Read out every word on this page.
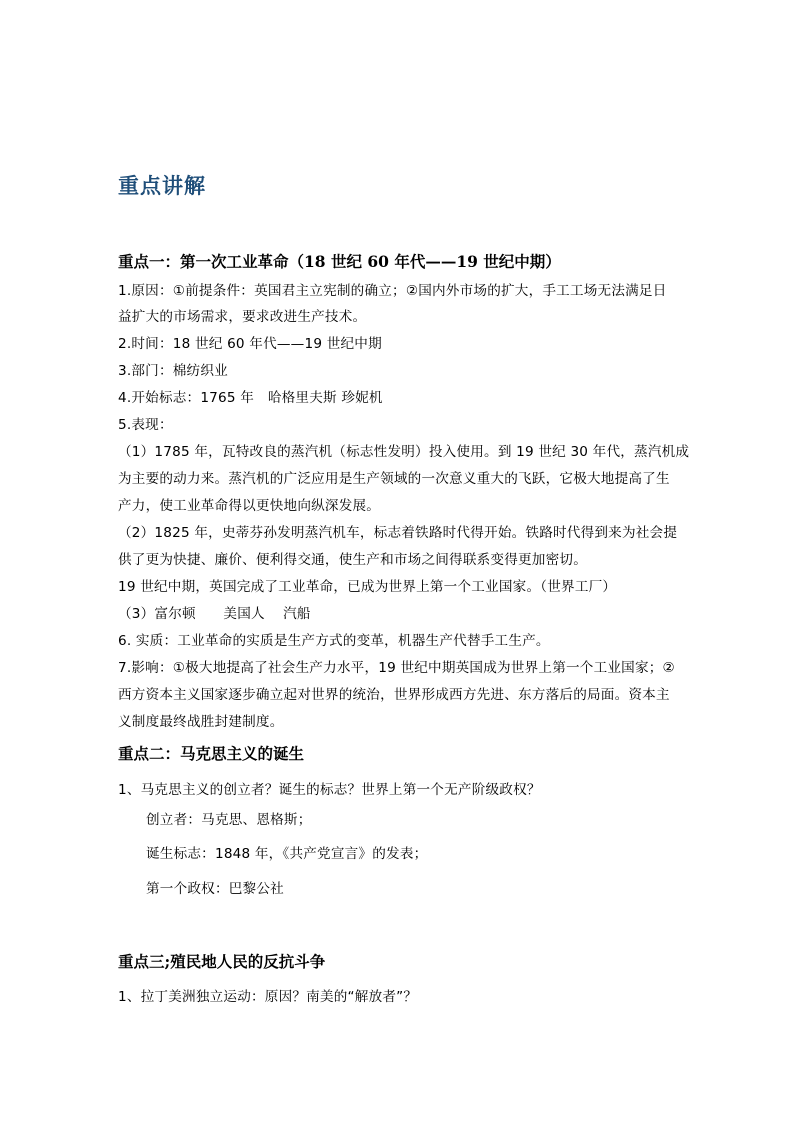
重点讲解
重点一：第一次工业革命（18 世纪 60 年代——19 世纪中期）
1.原因：①前提条件：英国君主立宪制的确立；②国内外市场的扩大，手工工场无法满足日
益扩大的市场需求，要求改进生产技术。
2.时间：18 世纪 60 年代——19 世纪中期
3.部门：棉纺织业
4.开始标志：1765 年　哈格里夫斯 珍妮机
5.表现：
（1）1785 年，瓦特改良的蒸汽机（标志性发明）投入使用。到 19 世纪 30 年代，蒸汽机成
为主要的动力来。蒸汽机的广泛应用是生产领域的一次意义重大的飞跃，它极大地提高了生
产力，使工业革命得以更快地向纵深发展。
（2）1825 年，史蒂芬孙发明蒸汽机车，标志着铁路时代得开始。铁路时代得到来为社会提
供了更为快捷、廉价、便利得交通，使生产和市场之间得联系变得更加密切。
19 世纪中期，英国完成了工业革命，已成为世界上第一个工业国家。（世界工厂）
（3）富尔顿　　美国人　 汽船
6. 实质：工业革命的实质是生产方式的变革，机器生产代替手工生产。
7.影响：①极大地提高了社会生产力水平，19 世纪中期英国成为世界上第一个工业国家；②
西方资本主义国家逐步确立起对世界的统治，世界形成西方先进、东方落后的局面。资本主
义制度最终战胜封建制度。
重点二：马克思主义的诞生
1、马克思主义的创立者？诞生的标志？世界上第一个无产阶级政权？
创立者：马克思、恩格斯；
诞生标志：1848 年，《共产党宣言》的发表；
第一个政权：巴黎公社
重点三;殖民地人民的反抗斗争
1、拉丁美洲独立运动：原因？南美的“解放者”？
